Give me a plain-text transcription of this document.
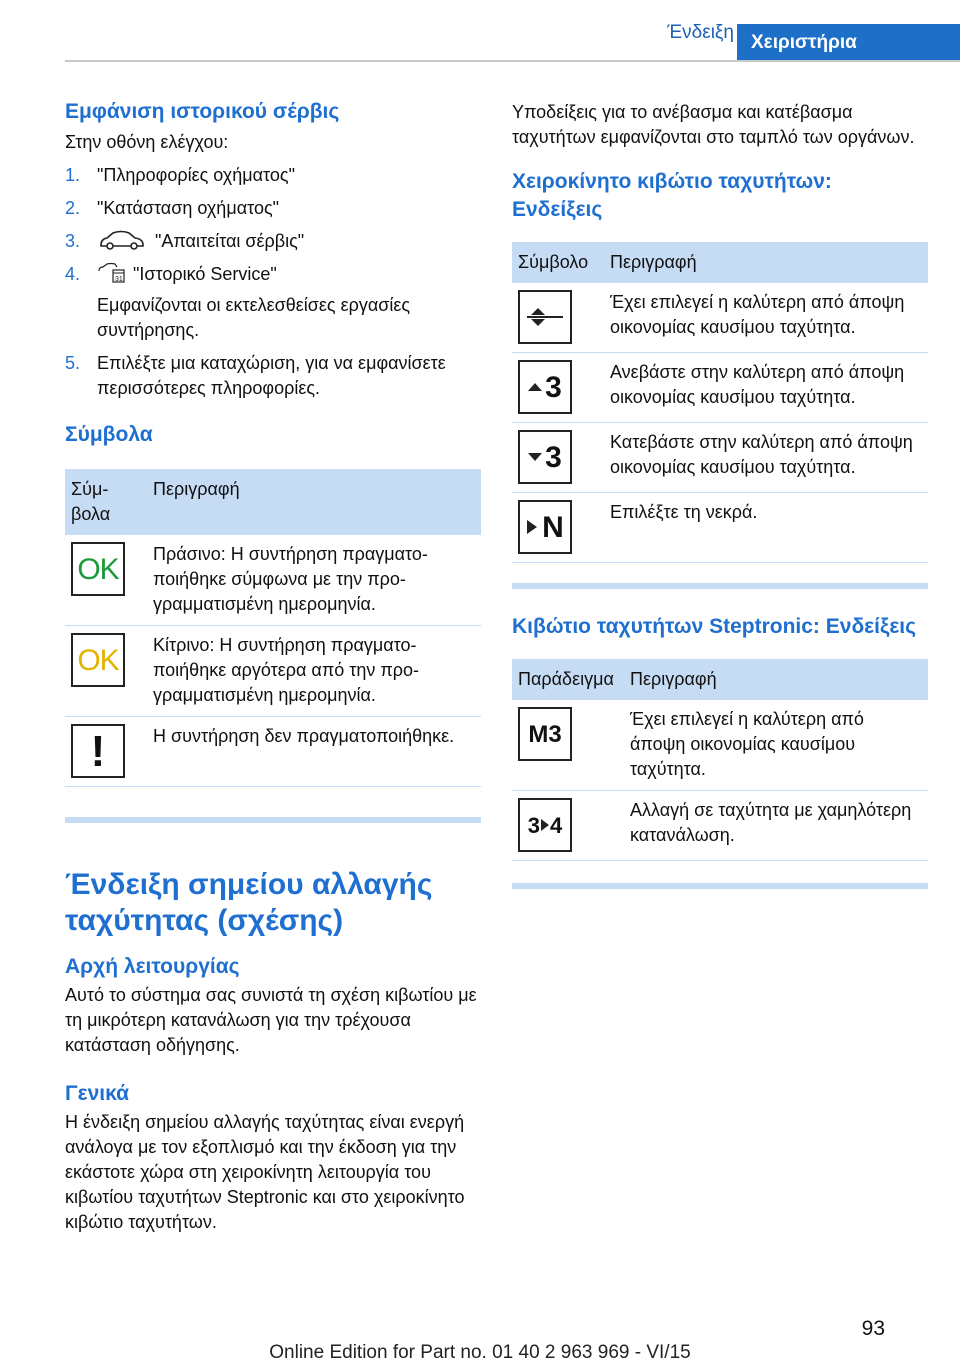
Ένδειξη Χειριστήρια
Εμφάνιση ιστορικού σέρβις

Στην οθόνη ελέγχου:

1. "Πληροφορίες οχήματος"
2. "Κατάσταση οχήματος"
3.	"Απαιτείται σέρβις"
4.	31 "Ιστορικό Service"
Εμφανίζονται οι εκτελεσθείσες εργασίες συντήρησης.
5. Επιλέξτε μια καταχώριση, για να εμφανίσετε περισσότερες πληροφορίες.
Σύμβολα
Σύμ-βολα	Περιγραφή

OK	Πράσινο: Η συντήρηση πραγματοποιήθηκε σύμφωνα με την προγραμματισμένη ημερομηνία.

OK	Κίτρινο: Η συντήρηση πραγματοποιήθηκε αργότερα από την προγραμματισμένη ημερομηνία.

!	Η συντήρηση δεν πραγματοποιήθηκε.
Ένδειξη σημείου αλλαγής ταχύτητας (σχέσης)
Αρχή λειτουργίας

Αυτό το σύστημα σας συνιστά τη σχέση κιβωτίου με τη μικρότερη κατανάλωση για την τρέχουσα κατάσταση οδήγησης.

Γενικά

Η ένδειξη σημείου αλλαγής ταχύτητας είναι ενεργή ανάλογα με τον εξοπλισμό και την έκδοση για την εκάστοτε χώρα στη χειροκίνητη λειτουργία του κιβωτίου ταχυτήτων Steptronic και στο χειροκίνητο κιβώτιο ταχυτήτων.

Υποδείξεις για το ανέβασμα και κατέβασμα ταχυτήτων εμφανίζονται στο ταμπλό των οργάνων.

Χειροκίνητο κιβώτιο ταχυτήτων: Ενδείξεις
Σύμβολο	Περιγραφή

	Έχει επιλεγεί η καλύτερη από άποψη οικονομίας καυσίμου ταχύτητα.

3	Ανεβάστε στην καλύτερη από άποψη οικονομίας καυσίμου ταχύτητα.

3	Κατεβάστε στην καλύτερη από άποψη οικονομίας καυσίμου ταχύτητα.

N	Επιλέξτε τη νεκρά.
Κιβώτιο ταχυτήτων Steptronic: Ενδείξεις
Παράδειγμα	Περιγραφή

M3	Έχει επιλεγεί η καλύτερη από άποψη οικονομίας καυσίμου ταχύτητα.

3 4	Αλλαγή σε ταχύτητα με χαμηλότερη κατανάλωση.
93
Online Edition for Part no. 01 40 2 963 969 - VI/15
